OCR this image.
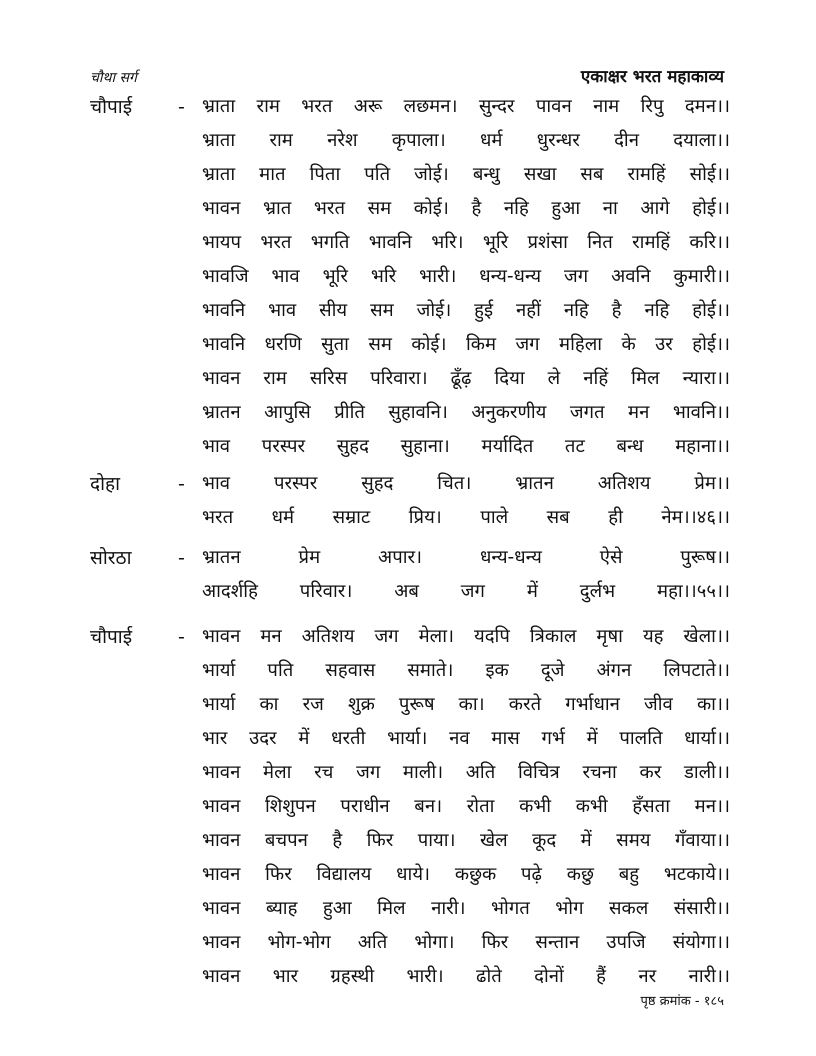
चौथा सर्ग	एकाक्षर भरत महाकाव्य
चौपाई - भ्राता राम भरत अरू लछमन। सुन्दर पावन नाम रिपु दमन।।
भ्राता राम नरेश कृपाला। धर्म धुरन्धर दीन दयाला।।
भ्राता मात पिता पति जोई। बन्धु सखा सब रामहिं सोई।।
भावन भ्रात भरत सम कोई। है नहि हुआ ना आगे होई।।
भायप भरत भगति भावनि भरि। भूरि प्रशंसा नित रामहिं करि।।
भावजि भाव भूरि भरि भारी। धन्य-धन्य जग अवनि कुमारी।।
भावनि भाव सीय सम जोई। हुई नहीं नहि है नहि होई।।
भावनि धरणि सुता सम कोई। किम जग महिला के उर होई।।
भावन राम सरिस परिवारा। ढूँढ़ दिया ले नहिं मिल न्यारा।।
भ्रातन आपुसि प्रीति सुहावनि। अनुकरणीय जगत मन भावनि।।
भाव परस्पर सुहद सुहाना। मर्यादित तट बन्ध महाना।।
दोहा	- भाव परस्पर सुहद चित। भ्रातन अतिशय प्रेम।।
भरत धर्म सम्राट प्रिय। पाले सब ही नेम।।४६।।
सोरठा - भ्रातन प्रेम अपार। धन्य-धन्य ऐसे पुरूष।।
आदर्शहि परिवार। अब जग में दुर्लभ महा।।५५।।
चौपाई - भावन मन अतिशय जग मेला। यदपि त्रिकाल मृषा यह खेला।।
भार्या पति सहवास समाते। इक दूजे अंगन लिपटाते।।
भार्या का रज शुक्र पुरूष का। करते गर्भाधान जीव का।।
भार उदर में धरती भार्या। नव मास गर्भ में पालति धार्या।।
भावन मेला रच जग माली। अति विचित्र रचना कर डाली।।
भावन शिशुपन पराधीन बन। रोता कभी कभी हँसता मन।।
भावन बचपन है फिर पाया। खेल कूद में समय गँवाया।।
भावन फिर विद्यालय धाये। कछुक पढ़े कछु बहु भटकाये।।
भावन ब्याह हुआ मिल नारी। भोगत भोग सकल संसारी।।
भावन भोग-भोग अति भोगा। फिर सन्तान उपजि संयोगा।।
भावन भार ग्रहस्थी भारी। ढोते दोनों हैं नर नारी।।
पृष्ठ क्रमांक - १८५
